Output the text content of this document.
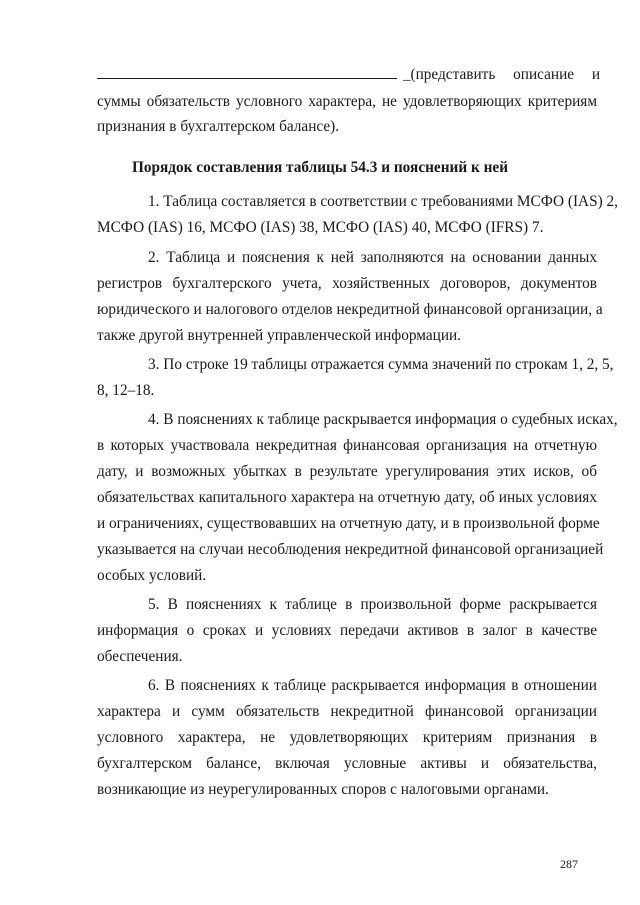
_ (представить описание и
суммы обязательств условного характера, не удовлетворяющих критериям
признания в бухгалтерском балансе).
Порядок составления таблицы 54.3 и пояснений к ней
1. Таблица составляется в соответствии с требованиями МСФО (IAS) 2,
МСФО (IAS) 16, МСФО (IAS) 38, МСФО (IAS) 40, МСФО (IFRS) 7.
2. Таблица и пояснения к ней заполняются на основании данных
регистров бухгалтерского учета, хозяйственных договоров, документов
юридического и налогового отделов некредитной финансовой организации, а
также другой внутренней управленческой информации.
3. По строке 19 таблицы отражается сумма значений по строкам 1, 2, 5,
8, 12–18.
4. В пояснениях к таблице раскрывается информация о судебных исках,
в которых участвовала некредитная финансовая организация на отчетную
дату, и возможных убытках в результате урегулирования этих исков, об
обязательствах капитального характера на отчетную дату, об иных условиях
и ограничениях, существовавших на отчетную дату, и в произвольной форме
указывается на случаи несоблюдения некредитной финансовой организацией
особых условий.
5. В пояснениях к таблице в произвольной форме раскрывается
информация о сроках и условиях передачи активов в залог в качестве
обеспечения.
6. В пояснениях к таблице раскрывается информация в отношении
характера и сумм обязательств некредитной финансовой организации
условного характера, не удовлетворяющих критериям признания в
бухгалтерском балансе, включая условные активы и обязательства,
возникающие из неурегулированных споров с налоговыми органами.
287
